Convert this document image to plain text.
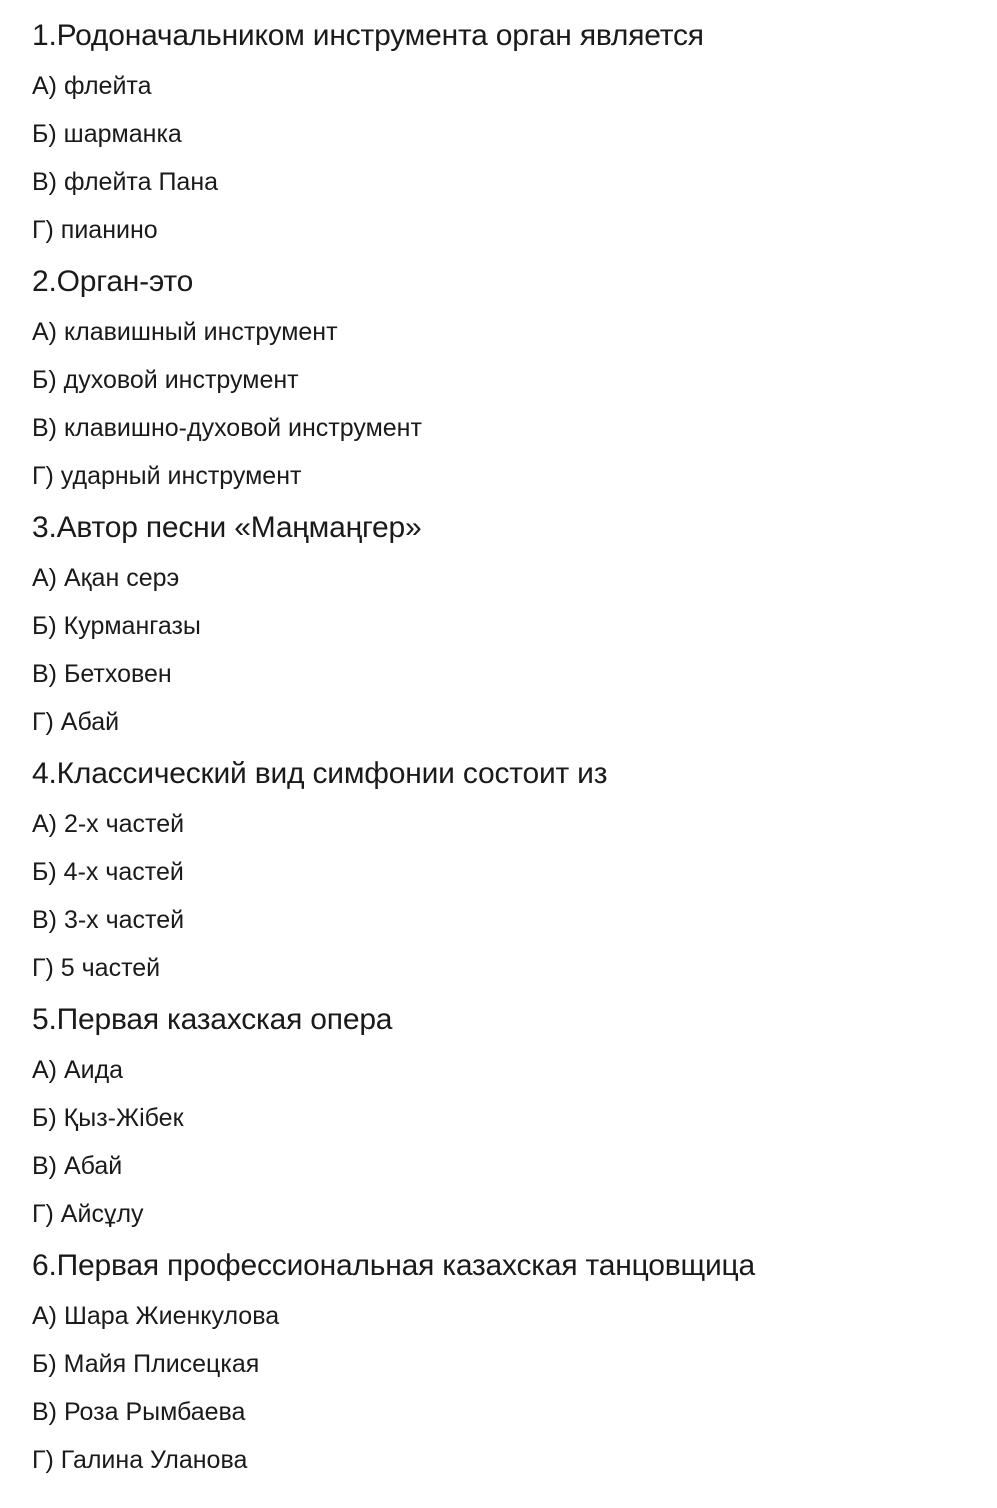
1.Родоначальником инструмента орган является
А) флейта
Б) шарманка
В) флейта Пана
Г) пианино
2.Орган-это
А) клавишный инструмент
Б) духовой инструмент
В) клавишно-духовой инструмент
Г) ударный инструмент
3.Автор песни «Маңмаңгер»
А) Ақан серэ
Б) Курмангазы
В) Бетховен
Г) Абай
4.Классический вид симфонии состоит из
А) 2-х частей
Б) 4-х частей
В) 3-х частей
Г) 5 частей
5.Первая казахская опера
А) Аида
Б) Қыз-Жібек
В) Абай
Г) Айсұлу
6.Первая профессиональная казахская танцовщица
А) Шара Жиенкулова
Б) Майя Плисецкая
В) Роза Рымбаева
Г) Галина Уланова
